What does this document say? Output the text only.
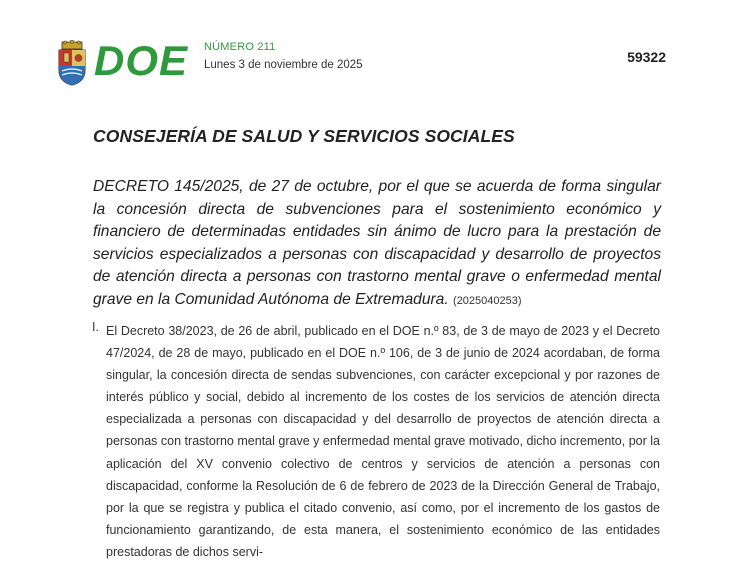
DOE NÚMERO 211
Lunes 3 de noviembre de 2025	59322
CONSEJERÍA DE SALUD Y SERVICIOS SOCIALES
DECRETO 145/2025, de 27 de octubre, por el que se acuerda de forma singular la concesión directa de subvenciones para el sostenimiento económico y financiero de determinadas entidades sin ánimo de lucro para la prestación de servicios especializados a personas con discapacidad y desarrollo de proyectos de atención directa a personas con trastorno mental grave o enfermedad mental grave en la Comunidad Autónoma de Extremadura. (2025040253)
I. El Decreto 38/2023, de 26 de abril, publicado en el DOE n.º 83, de 3 de mayo de 2023 y el Decreto 47/2024, de 28 de mayo, publicado en el DOE n.º 106, de 3 de junio de 2024 acordaban, de forma singular, la concesión directa de sendas subvenciones, con carácter excepcional y por razones de interés público y social, debido al incremento de los costes de los servicios de atención directa especializada a personas con discapacidad y del desarrollo de proyectos de atención directa a personas con trastorno mental grave y enfermedad mental grave motivado, dicho incremento, por la aplicación del XV convenio colectivo de centros y servicios de atención a personas con discapacidad, conforme la Resolución de 6 de febrero de 2023 de la Dirección General de Trabajo, por la que se registra y publica el citado convenio, así como, por el incremento de los gastos de funcionamiento garantizando, de esta manera, el sostenimiento económico de las entidades prestadoras de dichos servi-
